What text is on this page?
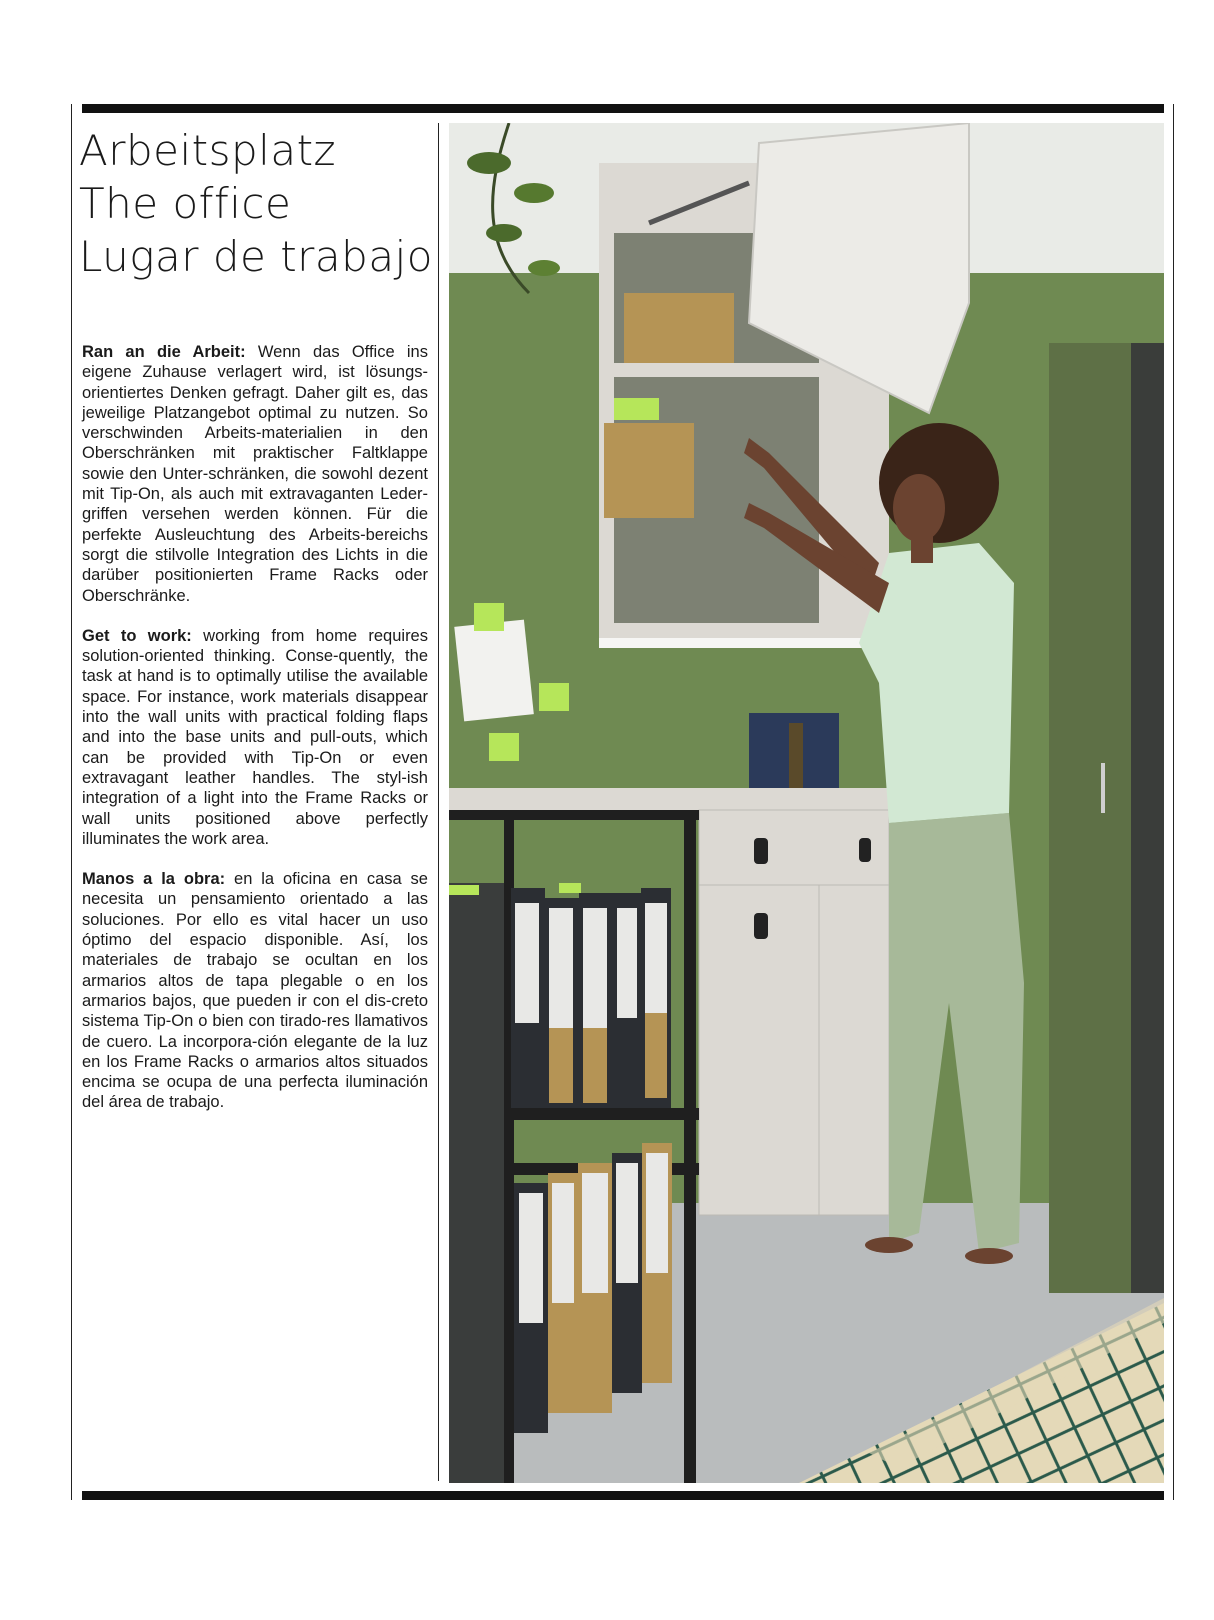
Arbeitsplatz
The office
Lugar de trabajo

Ran an die Arbeit: Wenn das Office ins eigene Zuhause verlagert wird, ist lösungs-orientiertes Denken gefragt. Daher gilt es, das jeweilige Platzangebot optimal zu nutzen. So verschwinden Arbeits-materialien in den Oberschränken mit praktischer Faltklappe sowie den Unter-schränken, die sowohl dezent mit Tip-On, als auch mit extravaganten Leder-griffen versehen werden können. Für die perfekte Ausleuchtung des Arbeits-bereichs sorgt die stilvolle Integration des Lichts in die darüber positionierten Frame Racks oder Oberschränke.

Get to work: working from home requires solution-oriented thinking. Conse-quently, the task at hand is to optimally utilise the available space. For instance, work materials disappear into the wall units with practical folding flaps and into the base units and pull-outs, which can be provided with Tip-On or even extravagant leather handles. The styl-ish integration of a light into the Frame Racks or wall units positioned above perfectly illuminates the work area.

Manos a la obra: en la oficina en casa se necesita un pensamiento orientado a las soluciones. Por ello es vital hacer un uso óptimo del espacio disponible. Así, los materiales de trabajo se ocultan en los armarios altos de tapa plegable o en los armarios bajos, que pueden ir con el dis-creto sistema Tip-On o bien con tirado-res llamativos de cuero. La incorpora-ción elegante de la luz en los Frame Racks o armarios altos situados encima se ocupa de una perfecta iluminación del área de trabajo.
